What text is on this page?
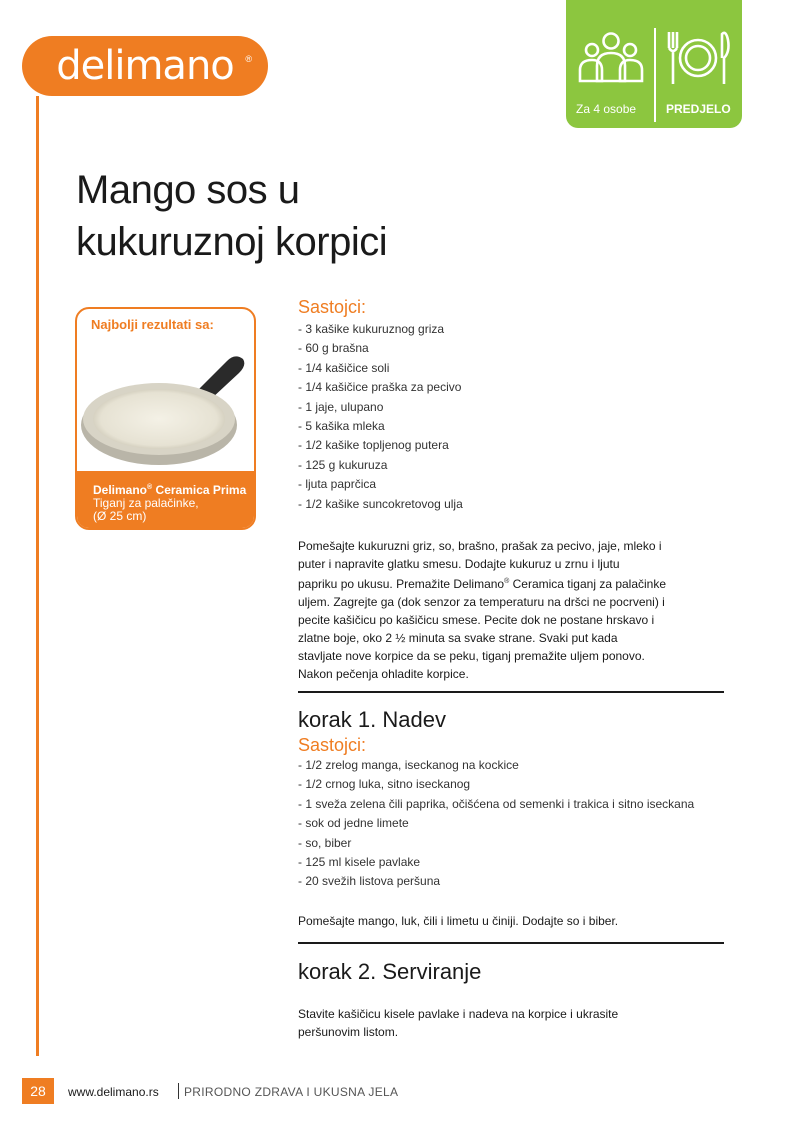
delimano ®
Za 4 osobe PREDJELO
Mango sos u
kukuruznoj korpici
Najbolji rezultati sa:
Delimano® Ceramica Prima
Tiganj za palačinke,
(Ø 25 cm)
Sastojci:
- 3 kašike kukuruznog griza
- 60 g brašna
- 1/4 kašičice soli
- 1/4 kašičice praška za pecivo
- 1 jaje, ulupano
- 5 kašika mleka
- 1/2 kašike topljenog putera
- 125 g kukuruza
- ljuta paprčica
- 1/2 kašike suncokretovog ulja
Pomešajte kukuruzni griz, so, brašno, prašak za pecivo, jaje, mleko i
puter i napravite glatku smesu. Dodajte kukuruz u zrnu i ljutu
papriku po ukusu. Premažite Delimano® Ceramica tiganj za palačinke
uljem. Zagrejte ga (dok senzor za temperaturu na dršci ne pocrveni) i
pecite kašičicu po kašičicu smese. Pecite dok ne postane hrskavo i
zlatne boje, oko 2 ½ minuta sa svake strane. Svaki put kada
stavljate nove korpice da se peku, tiganj premažite uljem ponovo.
Nakon pečenja ohladite korpice.
korak 1. Nadev
Sastojci:
- 1/2 zrelog manga, iseckanog na kockice
- 1/2 crnog luka, sitno iseckanog
- 1 sveža zelena čili paprika, očišćena od semenki i trakica i sitno iseckana
- sok od jedne limete
- so, biber
- 125 ml kisele pavlake
- 20 svežih listova peršuna
Pomešajte mango, luk, čili i limetu u činiji. Dodajte so i biber.
korak 2. Serviranje
Stavite kašičicu kisele pavlake i nadeva na korpice i ukrasite
peršunovim listom.
28	www.delimano.rs PRIRODNO ZDRAVA I UKUSNA JELA
